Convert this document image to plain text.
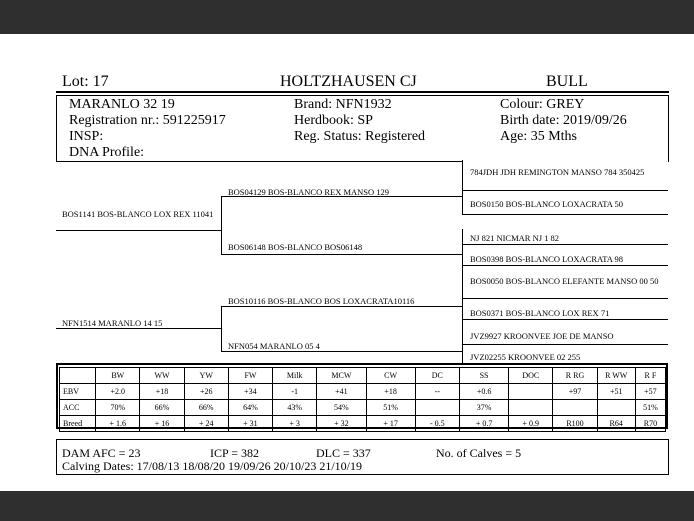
Lot: 17	HOLTZHAUSEN CJ	BULL
MARANLO 32 19	Brand: NFN1932	Colour: GREY
Registration nr.: 591225917	Herdbook: SP	Birth date: 2019/09/26
INSP:	Reg. Status: Registered	Age: 35 Mths
DNA Profile:
BOS1141 BOS-BLANCO LOX REX 11041
NFN1514 MARANLO 14 15
BOS04129 BOS-BLANCO REX MANSO 129
BOS06148 BOS-BLANCO BOS06148
BOS10116 BOS-BLANCO BOS LOXACRATA10116
NFN054 MARANLO 05 4
784JDH JDH REMINGTON MANSO 784 350425
BOS0150 BOS-BLANCO LOXACRATA 50
NJ 821 NICMAR NJ 1 82
BOS0398 BOS-BLANCO LOXACRATA 98
BOS0050 BOS-BLANCO ELEFANTE MANSO 00 50
BOS0371 BOS-BLANCO LOX REX 71
JVZ9927 KROONVEE JOE DE MANSO
JVZ02255 KROONVEE 02 255
	BW	WW	YW	FW	Milk	MCW	CW	DC	SS	DOC	R RG	R WW	R F
EBV	+2.0	+18	+26	+34	-1	+41	+18	--	+0.6		+97	+51	+57
ACC	70%	66%	66%	64%	43%	54%	51%		37%				51%
Breed	+ 1.6	+ 16	+ 24	+ 31	+ 3	+ 32	+ 17	- 0.5	+ 0.7	+ 0.9	R100	R64	R70
DAM AFC = 23	ICP = 382	DLC = 337	No. of Calves = 5
Calving Dates: 17/08/13 18/08/20 19/09/26 20/10/23 21/10/19
